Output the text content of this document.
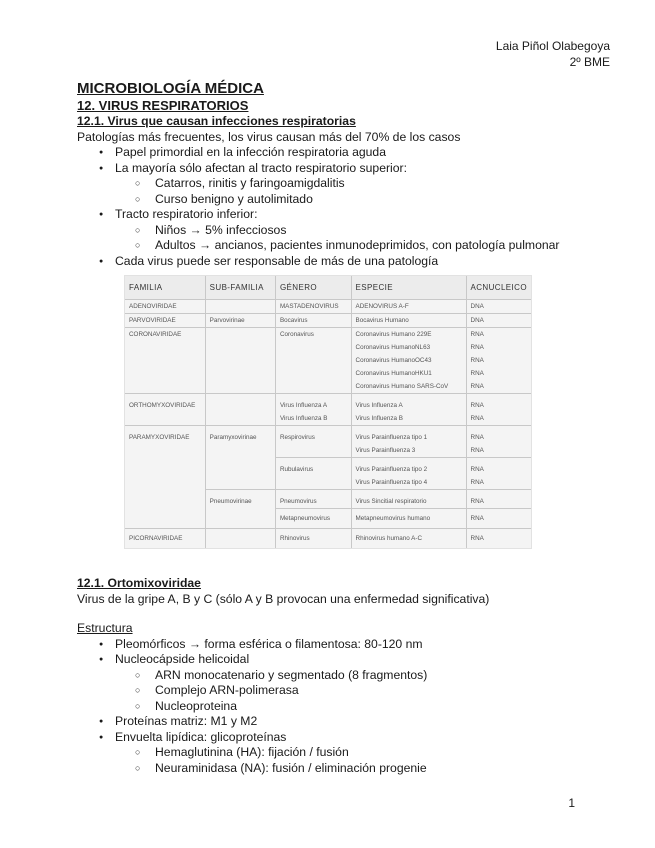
Laia Piñol Olabegoya
2º BME
MICROBIOLOGÍA MÉDICA
12. VIRUS RESPIRATORIOS
12.1. Virus que causan infecciones respiratorias
Patologías más frecuentes, los virus causan más del 70% de los casos
● Papel primordial en la infección respiratoria aguda
● La mayoría sólo afectan al tracto respiratorio superior:
○ Catarros, rinitis y faringoamigdalitis
○ Curso benigno y autolimitado
● Tracto respiratorio inferior:
○ Niños → 5% infecciosos
○ Adultos → ancianos, pacientes inmunodeprimidos, con patología pulmonar
● Cada virus puede ser responsable de más de una patología
FAMILIA	SUB-FAMILIA	GÉNERO	ESPECIE	ACNUCLEICO
ADENOVIRIDAE		MASTADENOVIRUS	ADENOVIRUS A-F	DNA
PARVOVIRIDAE	Parvovirinae	Bocavirus	Bocavirus Humano	DNA
CORONAVIRIDAE		Coronavirus	Coronavirus Humano 229E	RNA
			Coronavirus HumanoNL63	RNA
			Coronavirus HumanoOC43	RNA
			Coronavirus HumanoHKU1	RNA
			Coronavirus Humano SARS-CoV	RNA
ORTHOMYXOVIRIDAE		Virus Influenza A	Virus Influenza A	RNA
		Virus Influenza B	Virus Influenza B	RNA
PARAMYXOVIRIDAE	Paramyxovirinae	Respirovirus	Virus Parainfluenza tipo 1	RNA
			Virus Parainfluenza 3	RNA
		Rubulavirus	Virus Parainfluenza tipo 2	RNA
			Virus Parainfluenza tipo 4	RNA
	Pneumovirinae	Pneumovirus	Virus Sincitial respiratorio	RNA
		Metapneumovirus	Metapneumovirus humano	RNA
PICORNAVIRIDAE		Rhinovirus	Rhinovirus humano A-C	RNA
12.1. Ortomixoviridae
Virus de la gripe A, B y C (sólo A y B provocan una enfermedad significativa)
Estructura
● Pleomórficos → forma esférica o filamentosa: 80-120 nm
● Nucleocápside helicoidal
○ ARN monocatenario y segmentado (8 fragmentos)
○ Complejo ARN-polimerasa
○ Nucleoproteina
● Proteínas matriz: M1 y M2
● Envuelta lipídica: glicoproteínas
○ Hemaglutinina (HA): fijación / fusión
○ Neuraminidasa (NA): fusión / eliminación progenie
1
